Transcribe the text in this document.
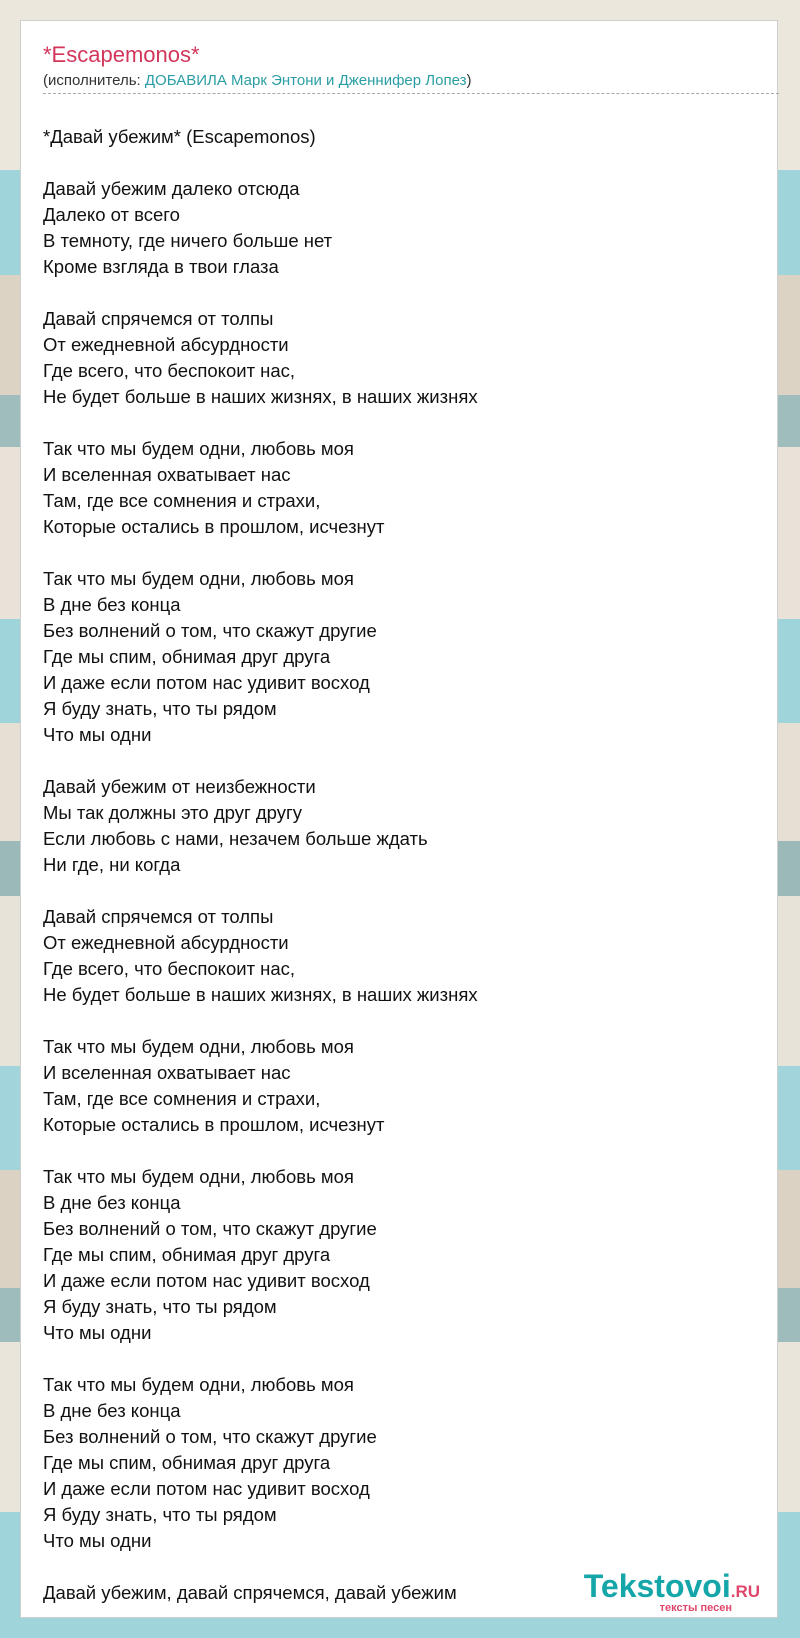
*Escapemonos*
(исполнитель: ДОБАВИЛА Марк Энтони и Дженнифер Лопез)
*Давай убежим* (Escapemonos)
Давай убежим далеко отсюда
Далеко от всего
В темноту, где ничего больше нет
Кроме взгляда в твои глаза
Давай спрячемся от толпы
От ежедневной абсурдности
Где всего, что беспокоит нас,
Не будет больше в наших жизнях, в наших жизнях
Так что мы будем одни, любовь моя
И вселенная охватывает нас
Там, где все сомнения и страхи,
Которые остались в прошлом, исчезнут
Так что мы будем одни, любовь моя
В дне без конца
Без волнений о том, что скажут другие
Где мы спим, обнимая друг друга
И даже если потом нас удивит восход
Я буду знать, что ты рядом
Что мы одни
Давай убежим от неизбежности
Мы так должны это друг другу
Если любовь с нами, незачем больше ждать
Ни где, ни когда
Давай спрячемся от толпы
От ежедневной абсурдности
Где всего, что беспокоит нас,
Не будет больше в наших жизнях, в наших жизнях
Так что мы будем одни, любовь моя
И вселенная охватывает нас
Там, где все сомнения и страхи,
Которые остались в прошлом, исчезнут
Так что мы будем одни, любовь моя
В дне без конца
Без волнений о том, что скажут другие
Где мы спим, обнимая друг друга
И даже если потом нас удивит восход
Я буду знать, что ты рядом
Что мы одни
Так что мы будем одни, любовь моя
В дне без конца
Без волнений о том, что скажут другие
Где мы спим, обнимая друг друга
И даже если потом нас удивит восход
Я буду знать, что ты рядом
Что мы одни
Давай убежим, давай спрячемся, давай убежим	Tekstovoi.RU
тексты песен
